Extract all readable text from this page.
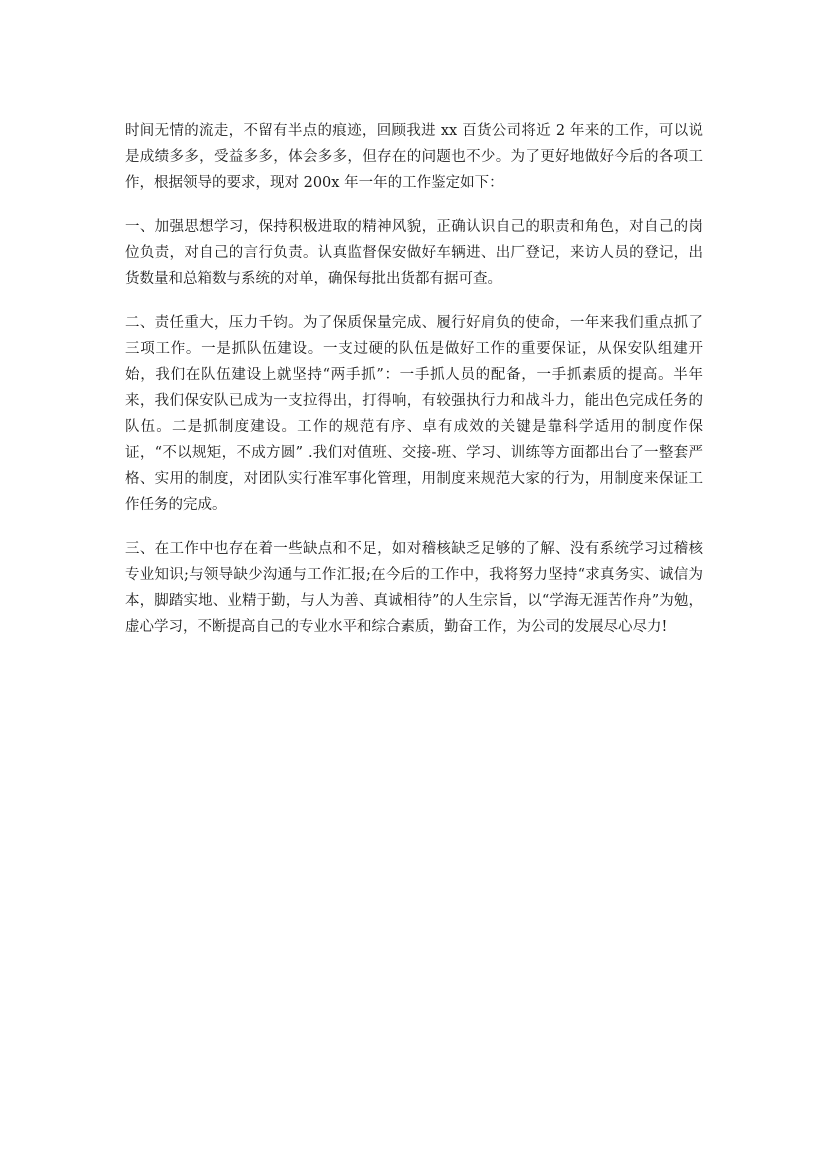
时间无情的流走，不留有半点的痕迹，回顾我进 xx 百货公司将近 2 年来的工作，可以说是成绩多多，受益多多，体会多多，但存在的问题也不少。为了更好地做好今后的各项工作，根据领导的要求，现对 200x 年一年的工作鉴定如下：

一、加强思想学习，保持积极进取的精神风貌，正确认识自己的职责和角色，对自己的岗位负责，对自己的言行负责。认真监督保安做好车辆进、出厂登记，来访人员的登记，出货数量和总箱数与系统的对单，确保每批出货都有据可查。

二、责任重大，压力千钧。为了保质保量完成、履行好肩负的使命，一年来我们重点抓了三项工作。一是抓队伍建设。一支过硬的队伍是做好工作的重要保证，从保安队组建开始，我们在队伍建设上就坚持“两手抓”：一手抓人员的配备，一手抓素质的提高。半年来，我们保安队已成为一支拉得出，打得响，有较强执行力和战斗力，能出色完成任务的队伍。二是抓制度建设。工作的规范有序、卓有成效的关键是靠科学适用的制度作保证，“不以规矩，不成方圆” .我们对值班、交接-班、学习、训练等方面都出台了一整套严格、实用的制度，对团队实行准军事化管理，用制度来规范大家的行为，用制度来保证工作任务的完成。

三、在工作中也存在着一些缺点和不足，如对稽核缺乏足够的了解、没有系统学习过稽核专业知识;与领导缺少沟通与工作汇报;在今后的工作中，我将努力坚持“求真务实、诚信为本，脚踏实地、业精于勤，与人为善、真诚相待”的人生宗旨，以“学海无涯苦作舟”为勉，虚心学习，不断提高自己的专业水平和综合素质，勤奋工作，为公司的发展尽心尽力!
